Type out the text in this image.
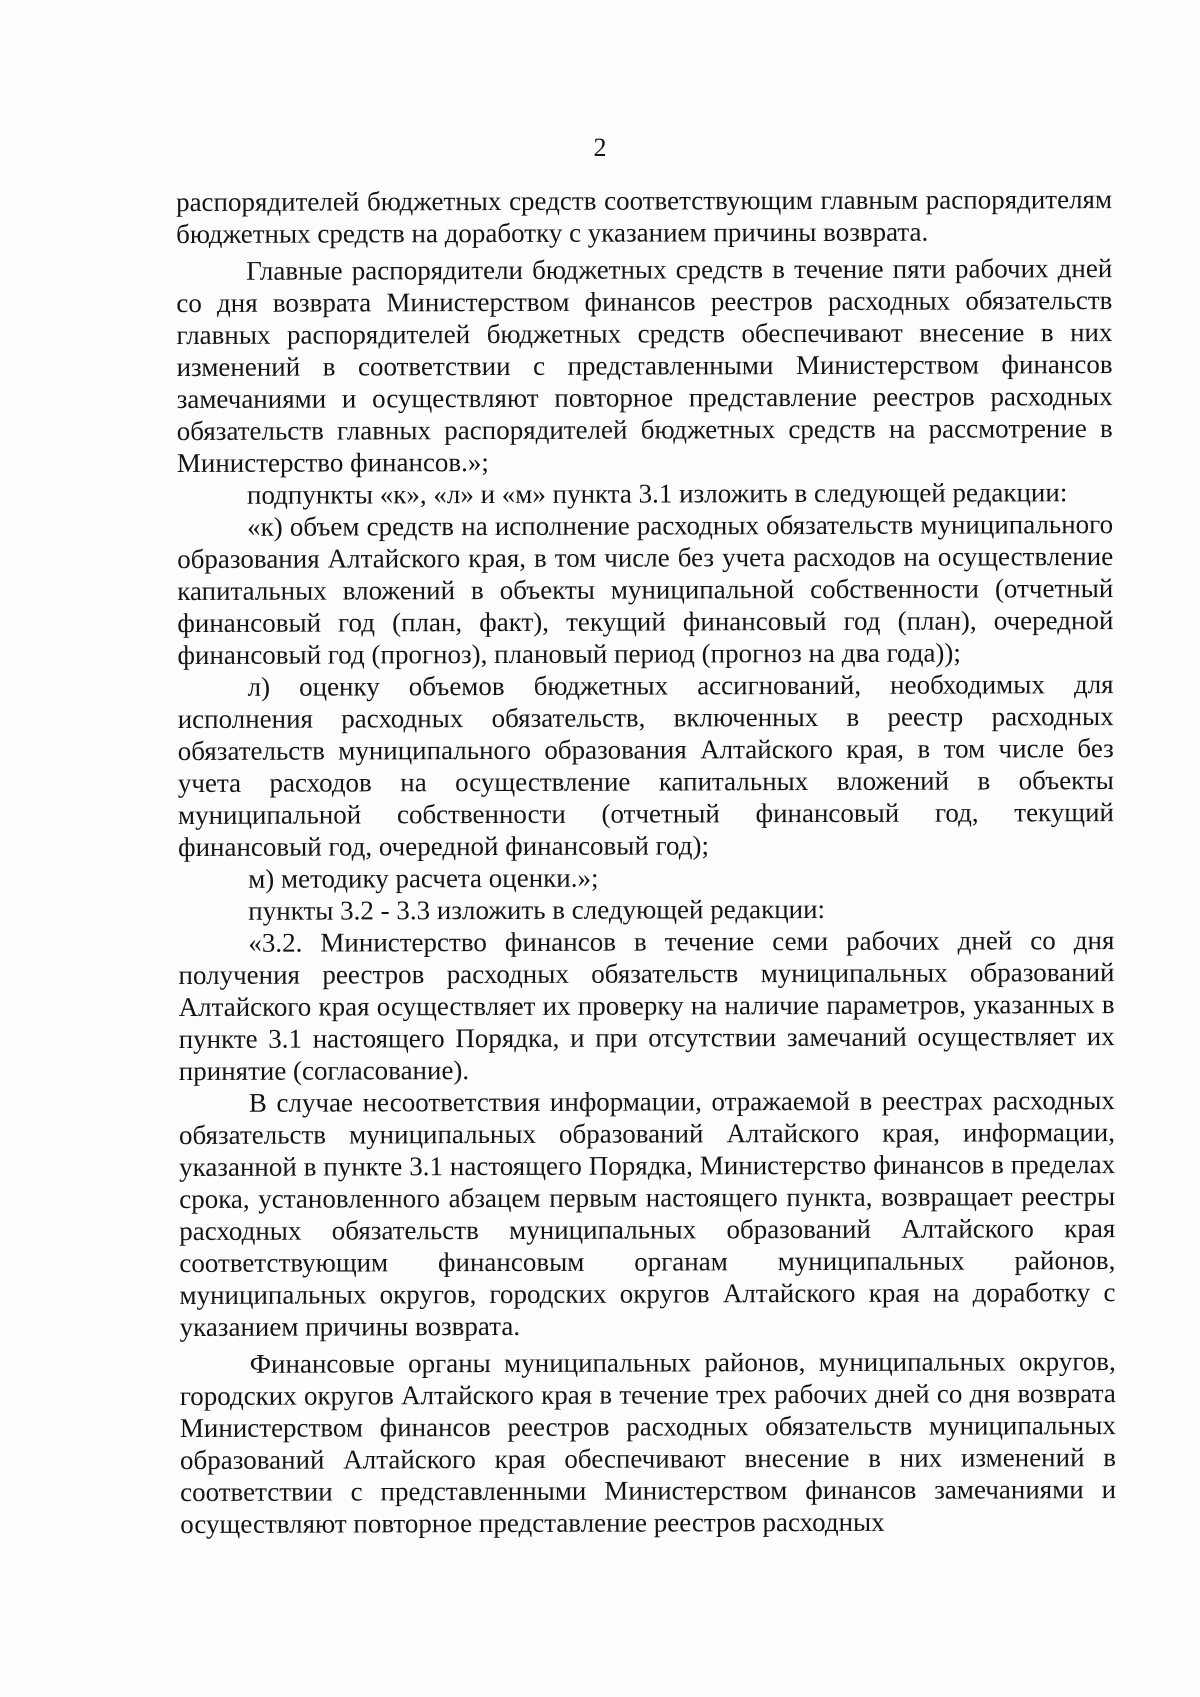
2

распорядителей бюджетных средств соответствующим главным распорядителям бюджетных средств на доработку с указанием причины возврата.

Главные распорядители бюджетных средств в течение пяти рабочих дней со дня возврата Министерством финансов реестров расходных обязательств главных распорядителей бюджетных средств обеспечивают внесение в них изменений в соответствии с представленными Министерством финансов замечаниями и осуществляют повторное представление реестров расходных обязательств главных распорядителей бюджетных средств на рассмотрение в Министерство финансов.»;

подпункты «к», «л» и «м» пункта 3.1 изложить в следующей редакции:

«к) объем средств на исполнение расходных обязательств муниципального образования Алтайского края, в том числе без учета расходов на осуществление капитальных вложений в объекты муниципальной собственности (отчетный финансовый год (план, факт), текущий финансовый год (план), очередной финансовый год (прогноз), плановый период (прогноз на два года));

л) оценку объемов бюджетных ассигнований, необходимых для исполнения расходных обязательств, включенных в реестр расходных обязательств муниципального образования Алтайского края, в том числе без учета расходов на осуществление капитальных вложений в объекты муниципальной собственности (отчетный финансовый год, текущий финансовый год, очередной финансовый год);

м) методику расчета оценки.»;

пункты 3.2 - 3.3 изложить в следующей редакции:

«3.2. Министерство финансов в течение семи рабочих дней со дня получения реестров расходных обязательств муниципальных образований Алтайского края осуществляет их проверку на наличие параметров, указанных в пункте 3.1 настоящего Порядка, и при отсутствии замечаний осуществляет их принятие (согласование).

В случае несоответствия информации, отражаемой в реестрах расходных обязательств муниципальных образований Алтайского края, информации, указанной в пункте 3.1 настоящего Порядка, Министерство финансов в пределах срока, установленного абзацем первым настоящего пункта, возвращает реестры расходных обязательств муниципальных образований Алтайского края соответствующим финансовым органам муниципальных районов, муниципальных округов, городских округов Алтайского края на доработку с указанием причины возврата.

Финансовые органы муниципальных районов, муниципальных округов, городских округов Алтайского края в течение трех рабочих дней со дня возврата Министерством финансов реестров расходных обязательств муниципальных образований Алтайского края обеспечивают внесение в них изменений в соответствии с представленными Министерством финансов замечаниями и осуществляют повторное представление реестров расходных
